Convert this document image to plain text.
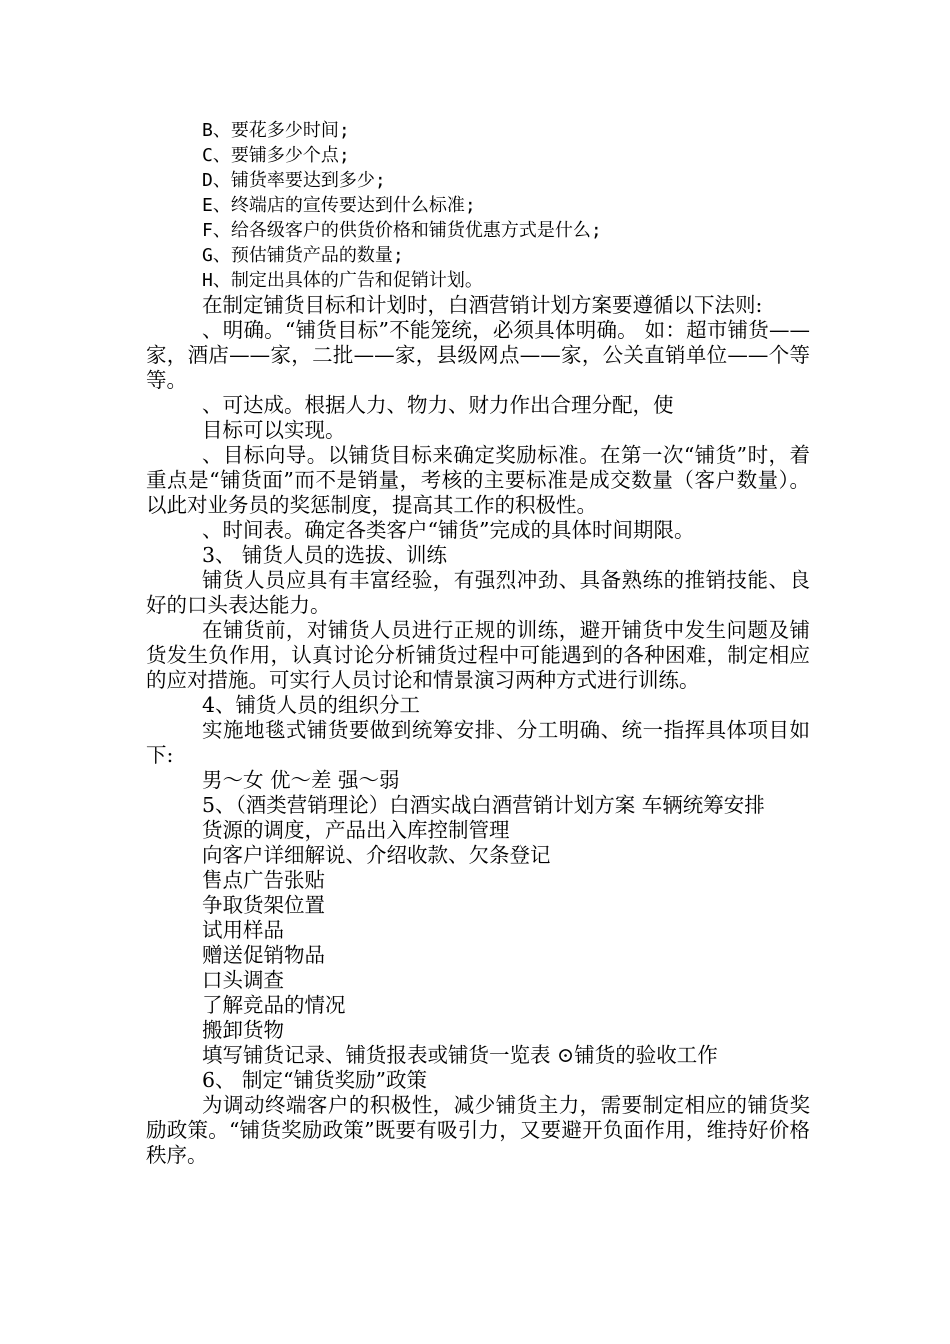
B、要花多少时间;
C、要铺多少个点;
D、铺货率要达到多少;
E、终端店的宣传要达到什么标准;
F、给各级客户的供货价格和铺货优惠方式是什么;
G、预估铺货产品的数量;
H、制定出具体的广告和促销计划。
在制定铺货目标和计划时，白酒营销计划方案要遵循以下法则:
、明确。“铺货目标”不能笼统，必须具体明确。 如：超市铺货——家，酒店——家，二批——家，县级网点——家，公关直销单位——个等等。
、可达成。根据人力、物力、财力作出合理分配，使
目标可以实现。
、目标向导。以铺货目标来确定奖励标准。在第一次“铺货”时，着重点是“铺货面”而不是销量，考核的主要标准是成交数量（客户数量）。以此对业务员的奖惩制度，提高其工作的积极性。
、时间表。确定各类客户“铺货”完成的具体时间期限。
3、 铺货人员的选拔、训练
铺货人员应具有丰富经验，有强烈冲劲、具备熟练的推销技能、良好的口头表达能力。
在铺货前，对铺货人员进行正规的训练，避开铺货中发生问题及铺货发生负作用，认真讨论分析铺货过程中可能遇到的各种困难，制定相应的应对措施。可实行人员讨论和情景演习两种方式进行训练。
4、铺货人员的组织分工
实施地毯式铺货要做到统筹安排、分工明确、统一指挥具体项目如下:
男～女 优～差 强～弱
5、（酒类营销理论）白酒实战白酒营销计划方案 车辆统筹安排
货源的调度，产品出入库控制管理
向客户详细解说、介绍收款、欠条登记
售点广告张贴
争取货架位置
试用样品
赠送促销物品
口头调查
了解竞品的情况
搬卸货物
填写铺货记录、铺货报表或铺货一览表 ⊙铺货的验收工作
6、 制定“铺货奖励”政策
为调动终端客户的积极性，减少铺货主力，需要制定相应的铺货奖励政策。“铺货奖励政策”既要有吸引力，又要避开负面作用，维持好价格秩序。
